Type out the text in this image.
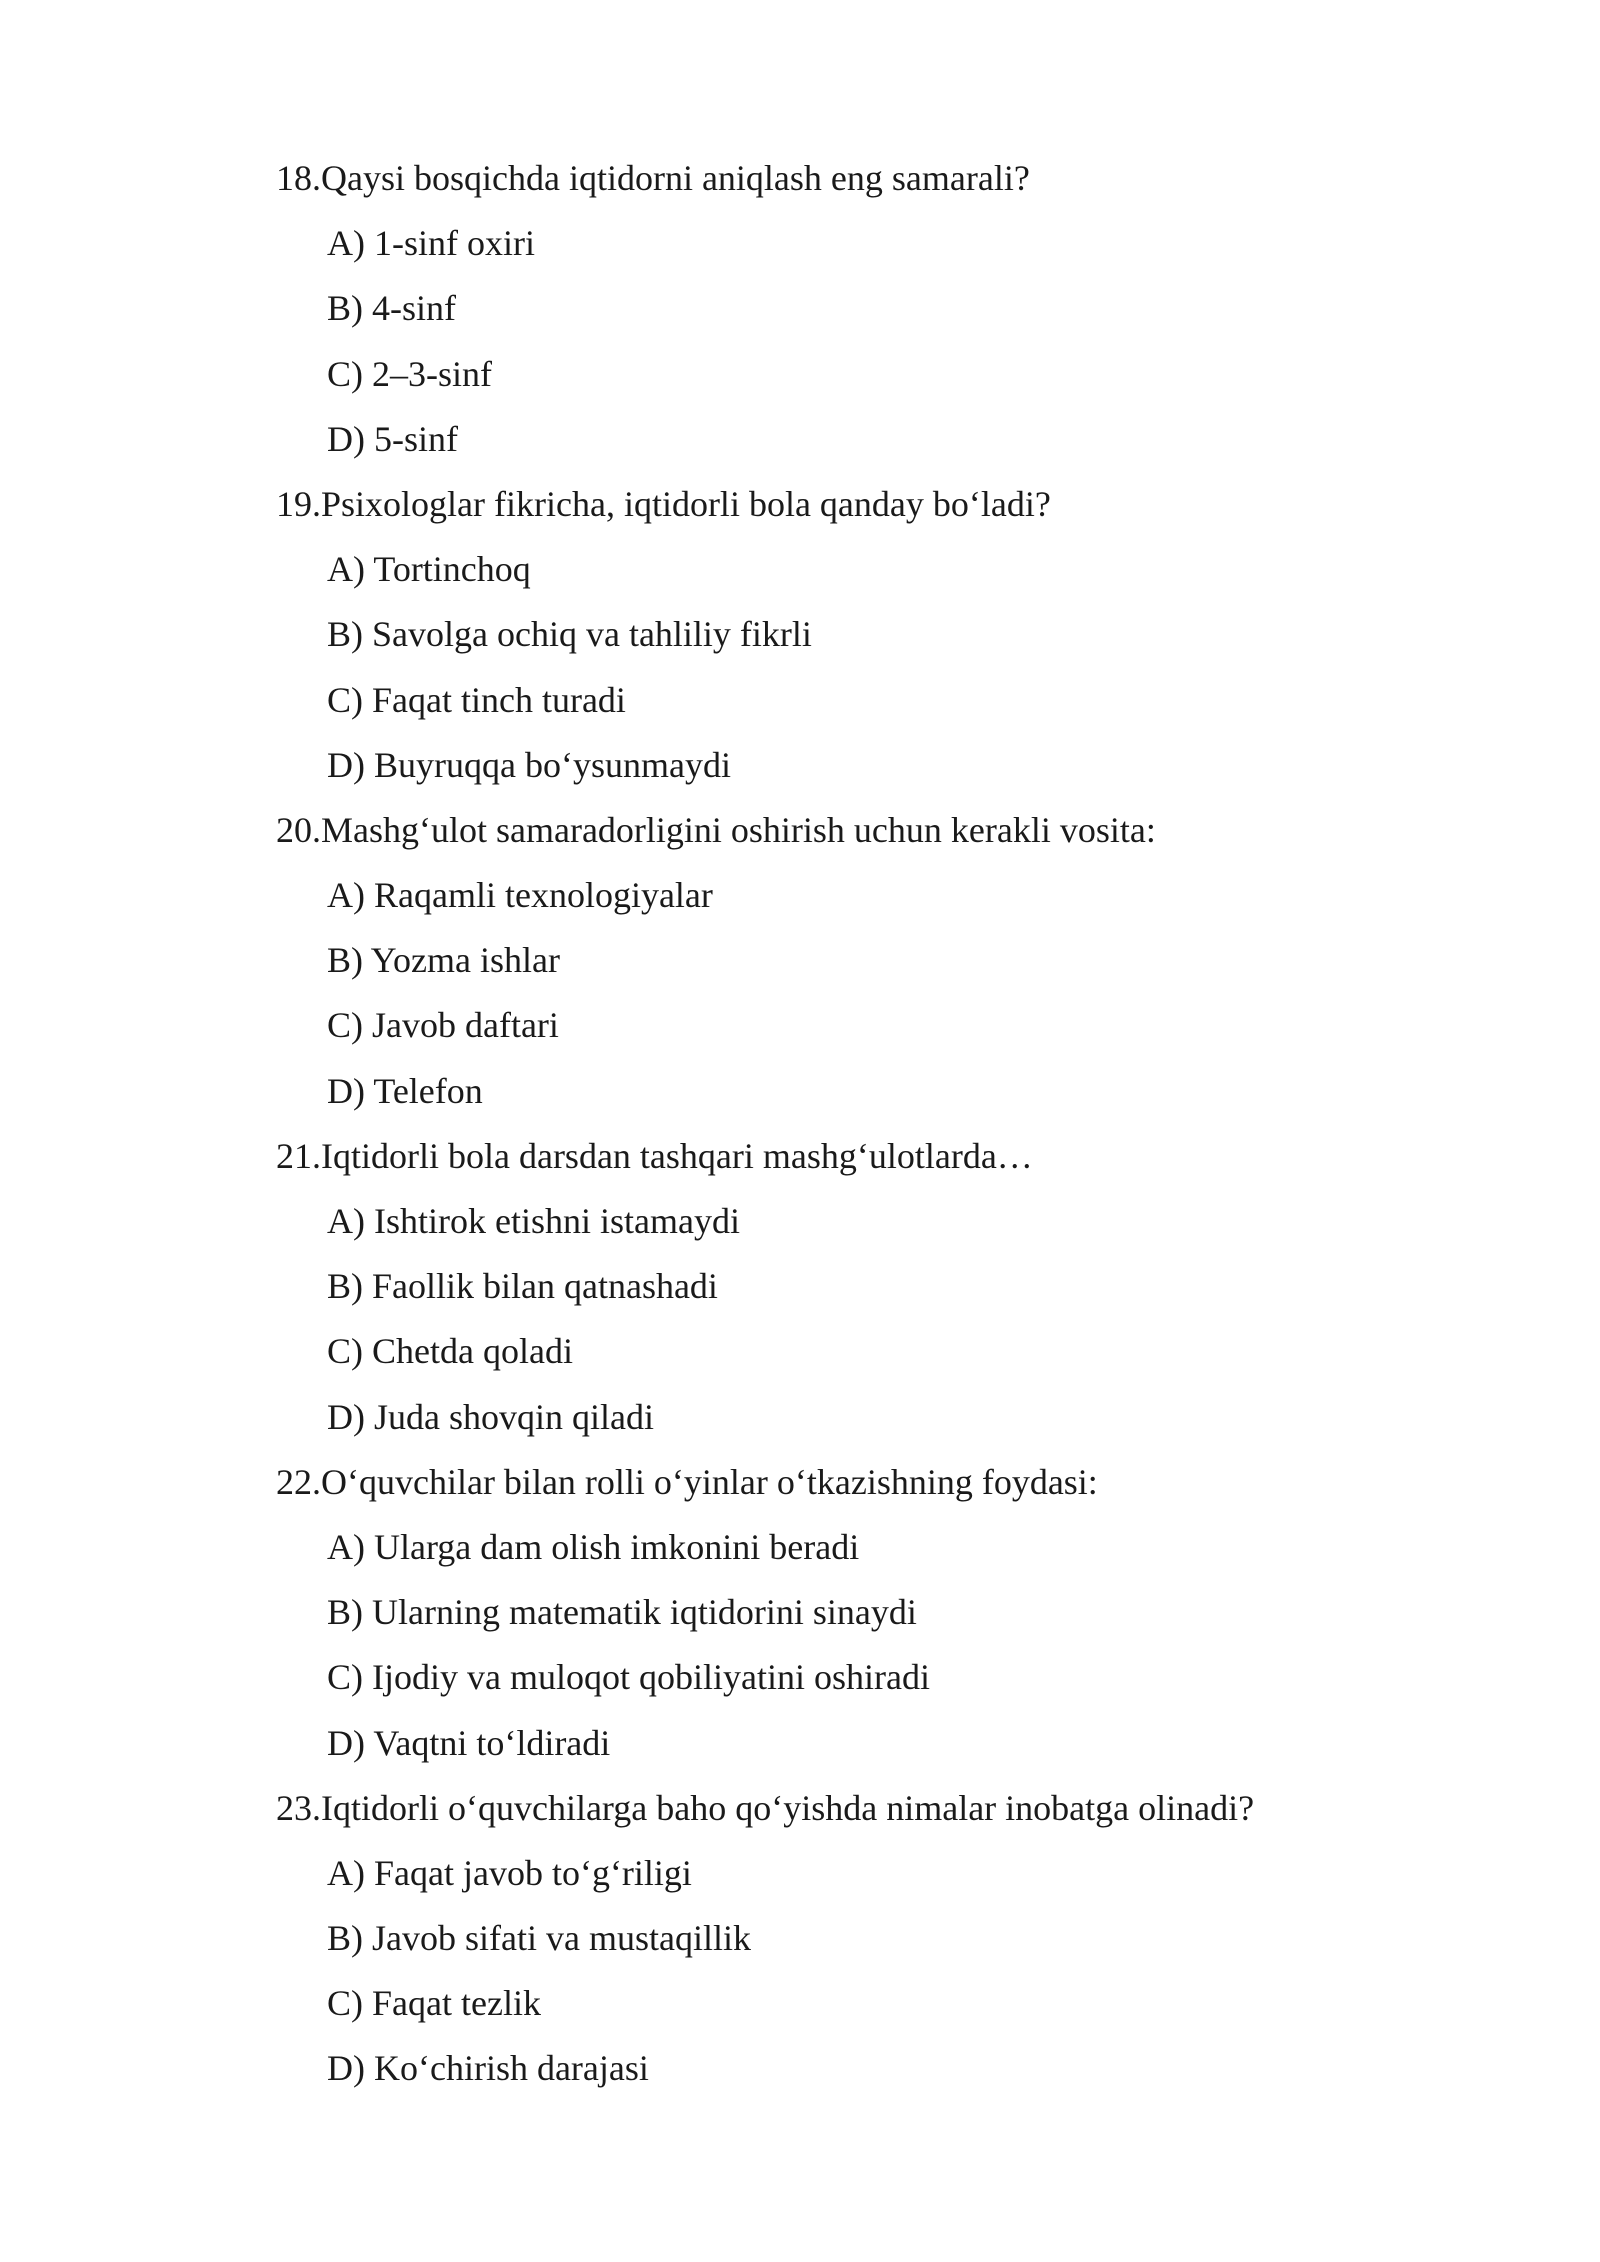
18. Qaysi bosqichda iqtidorni aniqlash eng samarali?
A) 1-sinf oxiri
B) 4-sinf
C) 2–3-sinf
D) 5-sinf
19. Psixologlar fikricha, iqtidorli bola qanday bo‘ladi?
A) Tortinchoq
B) Savolga ochiq va tahliliy fikrli
C) Faqat tinch turadi
D) Buyruqqa bo‘ysunmaydi
20. Mashg‘ulot samaradorligini oshirish uchun kerakli vosita:
A) Raqamli texnologiyalar
B) Yozma ishlar
C) Javob daftari
D) Telefon
21. Iqtidorli bola darsdan tashqari mashg‘ulotlarda…
A) Ishtirok etishni istamaydi
B) Faollik bilan qatnashadi
C) Chetda qoladi
D) Juda shovqin qiladi
22. O‘quvchilar bilan rolli o‘yinlar o‘tkazishning foydasi:
A) Ularga dam olish imkonini beradi
B) Ularning matematik iqtidorini sinaydi
C) Ijodiy va muloqot qobiliyatini oshiradi
D) Vaqtni to‘ldiradi
23. Iqtidorli o‘quvchilarga baho qo‘yishda nimalar inobatga olinadi?
A) Faqat javob to‘g‘riligi
B) Javob sifati va mustaqillik
C) Faqat tezlik
D) Ko‘chirish darajasi
